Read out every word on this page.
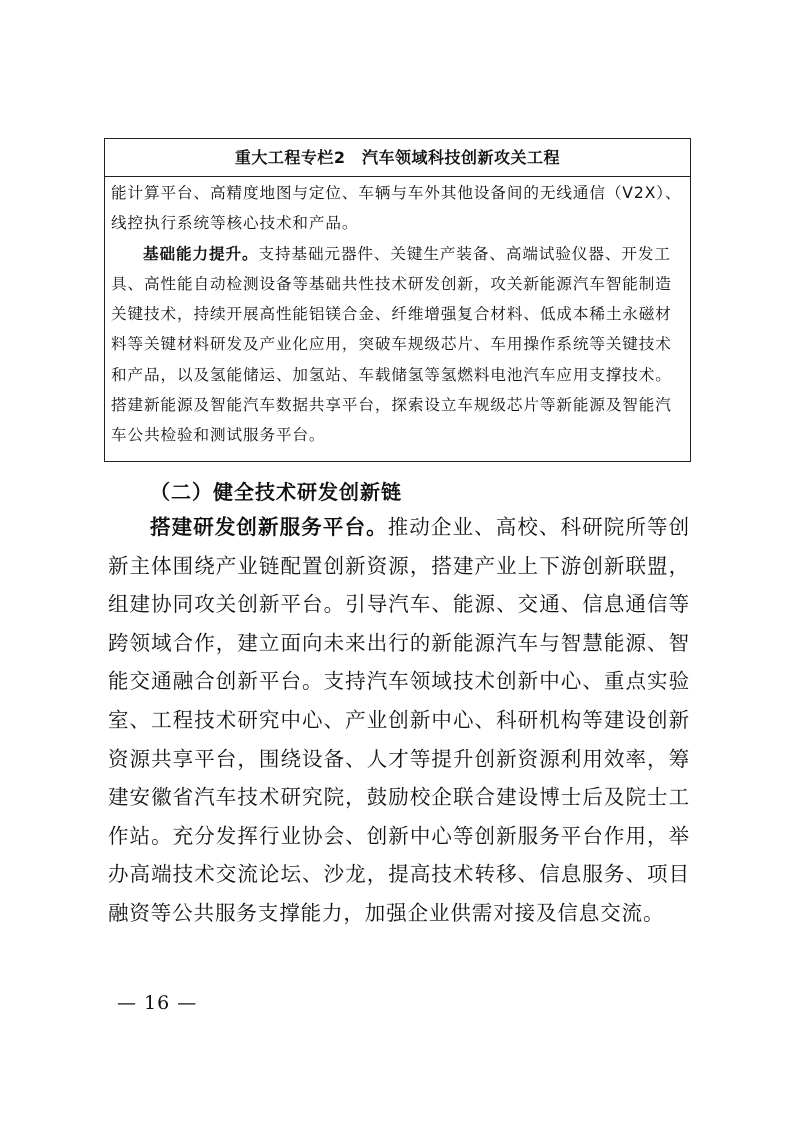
重大工程专栏2　汽车领域科技创新攻关工程

能计算平台、高精度地图与定位、车辆与车外其他设备间的无线通信（V2X）、线控执行系统等核心技术和产品。

基础能力提升。支持基础元器件、关键生产装备、高端试验仪器、开发工具、高性能自动检测设备等基础共性技术研发创新，攻关新能源汽车智能制造关键技术，持续开展高性能铝镁合金、纤维增强复合材料、低成本稀土永磁材料等关键材料研发及产业化应用，突破车规级芯片、车用操作系统等关键技术和产品，以及氢能储运、加氢站、车载储氢等氢燃料电池汽车应用支撑技术。搭建新能源及智能汽车数据共享平台，探索设立车规级芯片等新能源及智能汽车公共检验和测试服务平台。

（二）健全技术研发创新链

搭建研发创新服务平台。推动企业、高校、科研院所等创新主体围绕产业链配置创新资源，搭建产业上下游创新联盟，组建协同攻关创新平台。引导汽车、能源、交通、信息通信等跨领域合作，建立面向未来出行的新能源汽车与智慧能源、智能交通融合创新平台。支持汽车领域技术创新中心、重点实验室、工程技术研究中心、产业创新中心、科研机构等建设创新资源共享平台，围绕设备、人才等提升创新资源利用效率，筹建安徽省汽车技术研究院，鼓励校企联合建设博士后及院士工作站。充分发挥行业协会、创新中心等创新服务平台作用，举办高端技术交流论坛、沙龙，提高技术转移、信息服务、项目融资等公共服务支撑能力，加强企业供需对接及信息交流。

— 16 —
